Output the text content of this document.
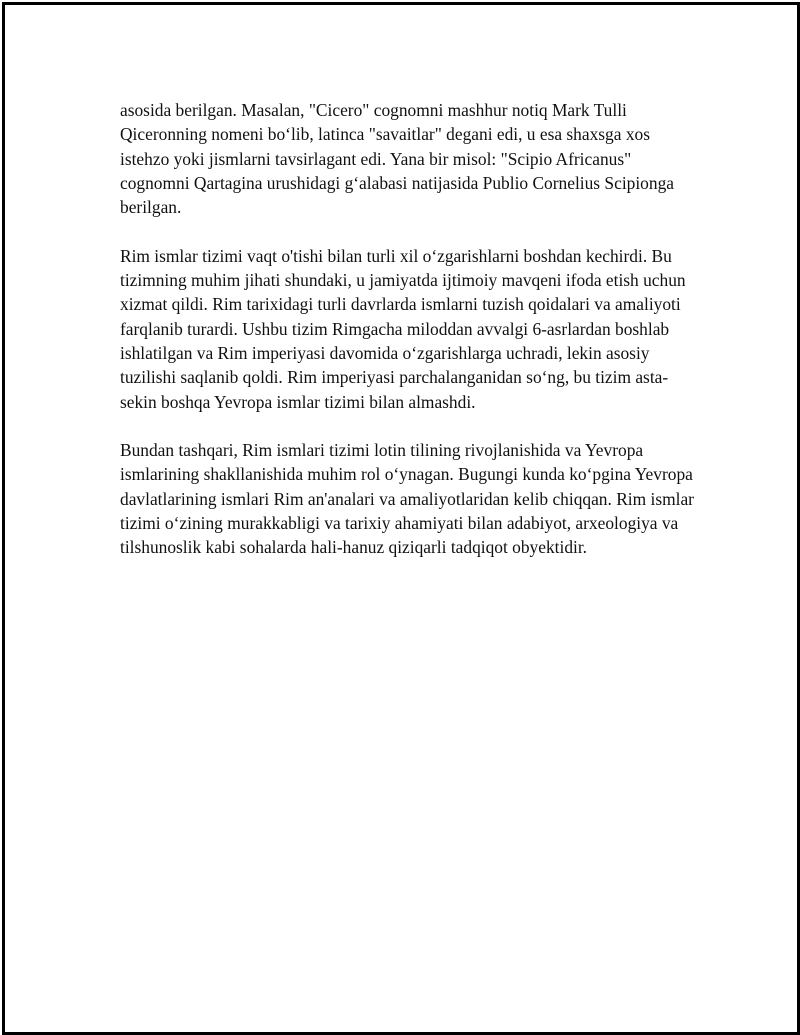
asosida berilgan. Masalan, "Cicero" cognomni mashhur notiq Mark Tulli Qiceronning nomeni bo‘lib, latinca "savaitlar" degani edi, u esa shaxsga xos istehzo yoki jismlarni tavsirlagant edi. Yana bir misol: "Scipio Africanus" cognomni Qartagina urushidagi g‘alabasi natijasida Publio Cornelius Scipionga berilgan.

Rim ismlar tizimi vaqt o'tishi bilan turli xil o‘zgarishlarni boshdan kechirdi. Bu tizimning muhim jihati shundaki, u jamiyatda ijtimoiy mavqeni ifoda etish uchun xizmat qildi. Rim tarixidagi turli davrlarda ismlarni tuzish qoidalari va amaliyoti farqlanib turardi. Ushbu tizim Rimgacha miloddan avvalgi 6-asrlardan boshlab ishlatilgan va Rim imperiyasi davomida o‘zgarishlarga uchradi, lekin asosiy tuzilishi saqlanib qoldi. Rim imperiyasi parchalanganidan so‘ng, bu tizim asta-sekin boshqa Yevropa ismlar tizimi bilan almashdi.

Bundan tashqari, Rim ismlari tizimi lotin tilining rivojlanishida va Yevropa ismlarining shakllanishida muhim rol o‘ynagan. Bugungi kunda ko‘pgina Yevropa davlatlarining ismlari Rim an'analari va amaliyotlaridan kelib chiqqan. Rim ismlar tizimi o‘zining murakkabligi va tarixiy ahamiyati bilan adabiyot, arxeologiya va tilshunoslik kabi sohalarda hali-hanuz qiziqarli tadqiqot obyektidir.
